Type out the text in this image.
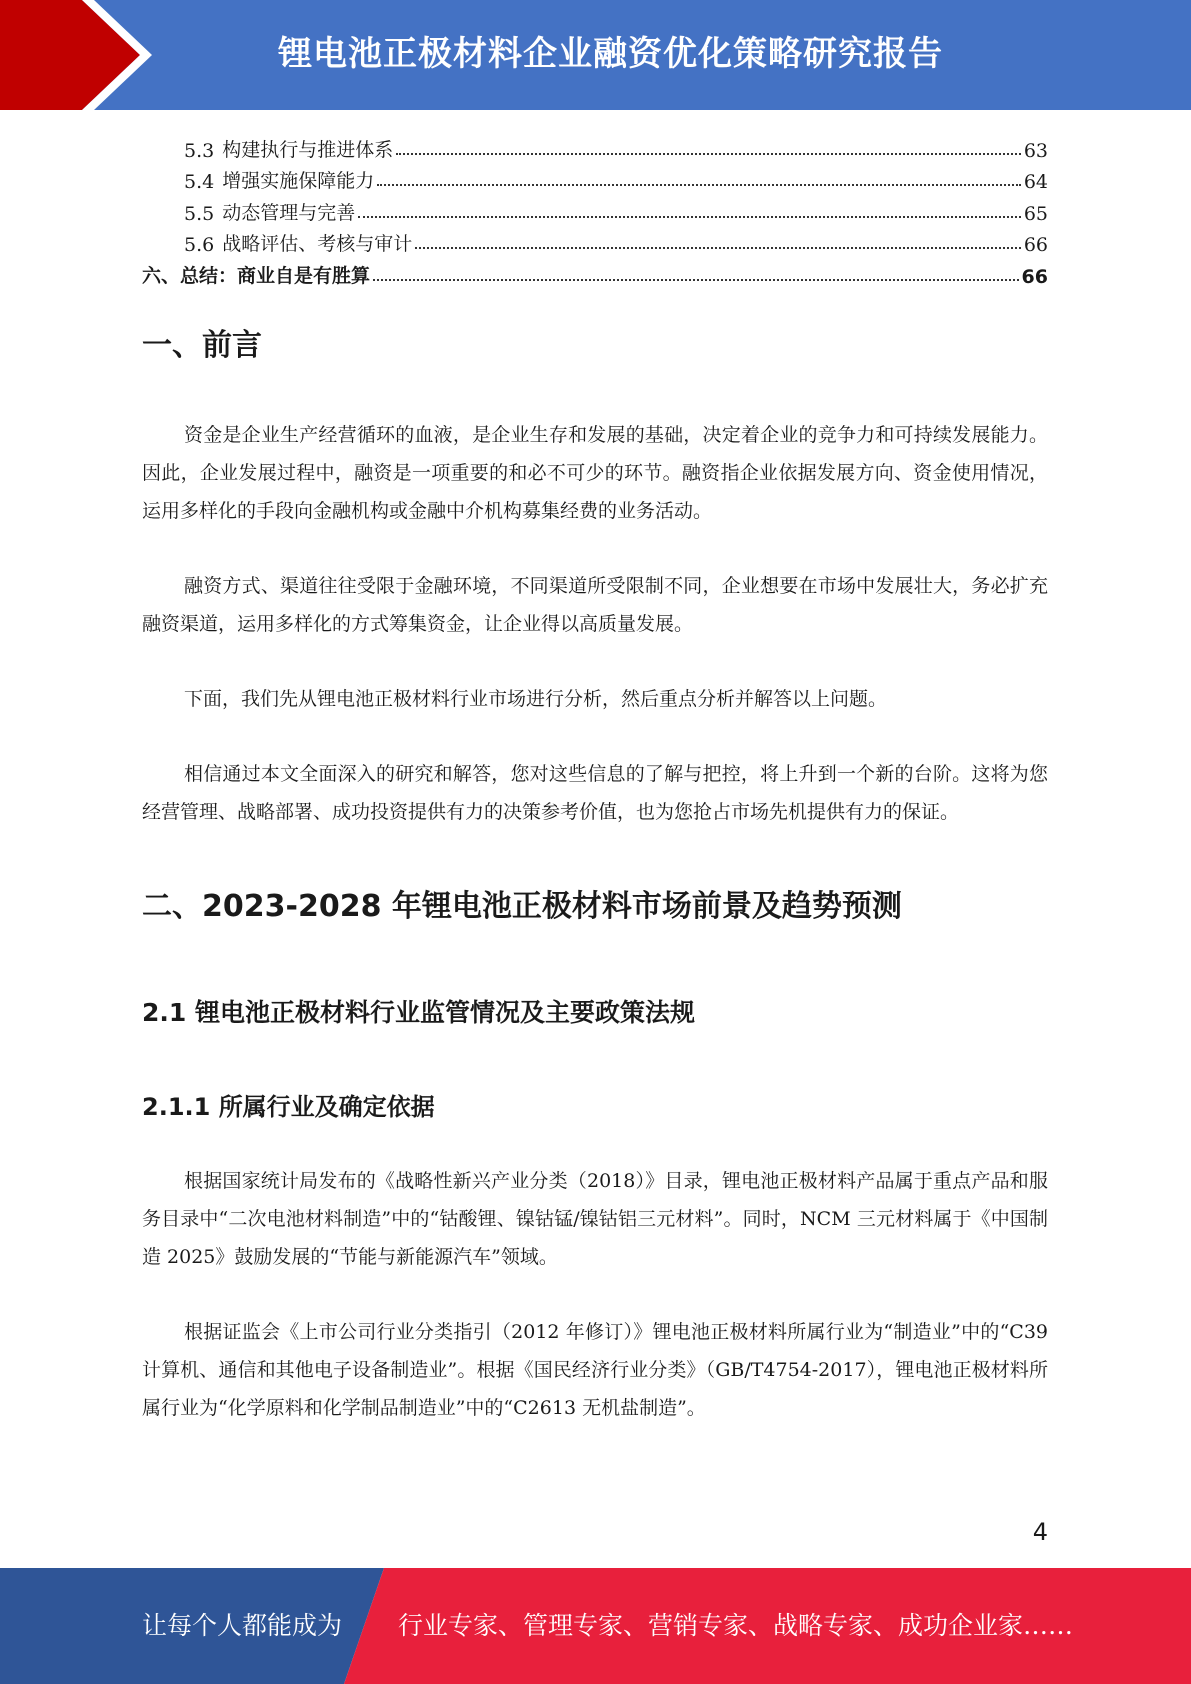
锂电池正极材料企业融资优化策略研究报告
5.3 构建执行与推进体系	63
5.4 增强实施保障能力	64
5.5 动态管理与完善	65
5.6 战略评估、考核与审计	66
六、总结：商业自是有胜算	66
一、前言

资金是企业生产经营循环的血液，是企业生存和发展的基础，决定着企业的竞争力和可持续发展能力。因此，企业发展过程中，融资是一项重要的和必不可少的环节。融资指企业依据发展方向、资金使用情况，运用多样化的手段向金融机构或金融中介机构募集经费的业务活动。

融资方式、渠道往往受限于金融环境，不同渠道所受限制不同，企业想要在市场中发展壮大，务必扩充融资渠道，运用多样化的方式筹集资金，让企业得以高质量发展。

下面，我们先从锂电池正极材料行业市场进行分析，然后重点分析并解答以上问题。

相信通过本文全面深入的研究和解答，您对这些信息的了解与把控，将上升到一个新的台阶。这将为您经营管理、战略部署、成功投资提供有力的决策参考价值，也为您抢占市场先机提供有力的保证。

二、2023-2028 年锂电池正极材料市场前景及趋势预测
2.1 锂电池正极材料行业监管情况及主要政策法规
2.1.1 所属行业及确定依据

根据国家统计局发布的《战略性新兴产业分类（2018）》目录，锂电池正极材料产品属于重点产品和服务目录中“二次电池材料制造”中的“钴酸锂、镍钴锰/镍钴铝三元材料”。同时，NCM 三元材料属于《中国制造 2025》鼓励发展的“节能与新能源汽车”领域。

根据证监会《上市公司行业分类指引（2012 年修订）》锂电池正极材料所属行业为“制造业”中的“C39 计算机、通信和其他电子设备制造业”。根据《国民经济行业分类》（GB/T4754-2017），锂电池正极材料所属行业为“化学原料和化学制品制造业”中的“C2613 无机盐制造”。

4
让每个人都能成为 行业专家、管理专家、营销专家、战略专家、成功企业家……
